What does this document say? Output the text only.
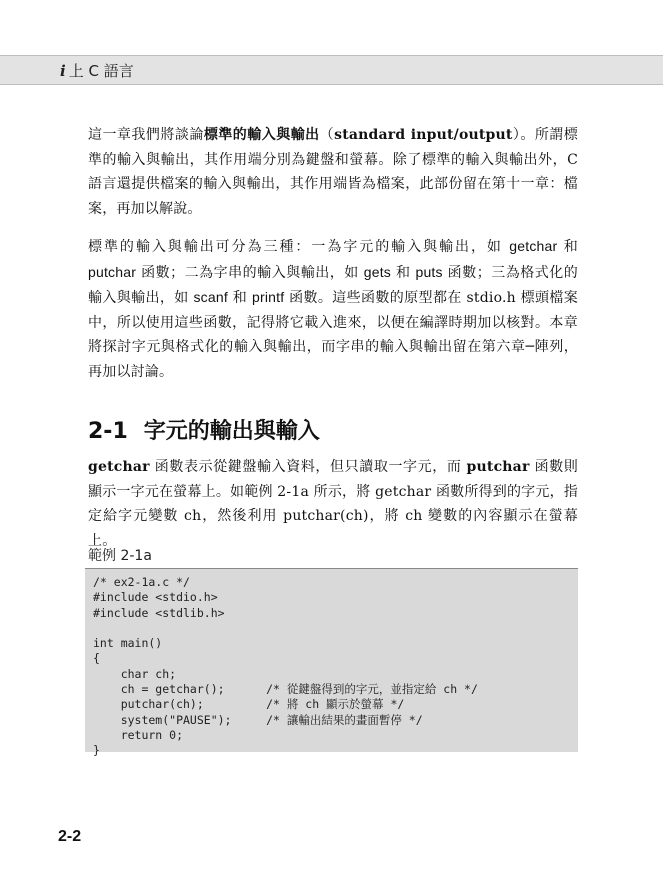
i 上 C 語言
這一章我們將談論標準的輸入與輸出（standard input/output）。所謂標準的輸入與輸出，其作用端分別為鍵盤和螢幕。除了標準的輸入與輸出外，C 語言還提供檔案的輸入與輸出，其作用端皆為檔案，此部份留在第十一章：檔案，再加以解說。
標準的輸入與輸出可分為三種：一為字元的輸入與輸出，如 getchar 和 putchar 函數；二為字串的輸入與輸出，如 gets 和 puts 函數；三為格式化的輸入與輸出，如 scanf 和 printf 函數。這些函數的原型都在 stdio.h 標頭檔案中，所以使用這些函數，記得將它載入進來，以便在編譯時期加以核對。本章將探討字元與格式化的輸入與輸出，而字串的輸入與輸出留在第六章─陣列，再加以討論。
2-1 字元的輸出與輸入
getchar 函數表示從鍵盤輸入資料，但只讀取一字元，而 putchar 函數則顯示一字元在螢幕上。如範例 2-1a 所示，將 getchar 函數所得到的字元，指定給字元變數 ch，然後利用 putchar(ch)，將 ch 變數的內容顯示在螢幕上。
範例 2-1a
/* ex2-1a.c */
#include <stdio.h>
#include <stdlib.h>
int main()
{
char ch;
ch = getchar();      /* 從鍵盤得到的字元，並指定給 ch */
putchar(ch);         /* 將 ch 顯示於螢幕 */
system("PAUSE");     /* 讓輸出結果的畫面暫停 */
return 0;
}
2-2
